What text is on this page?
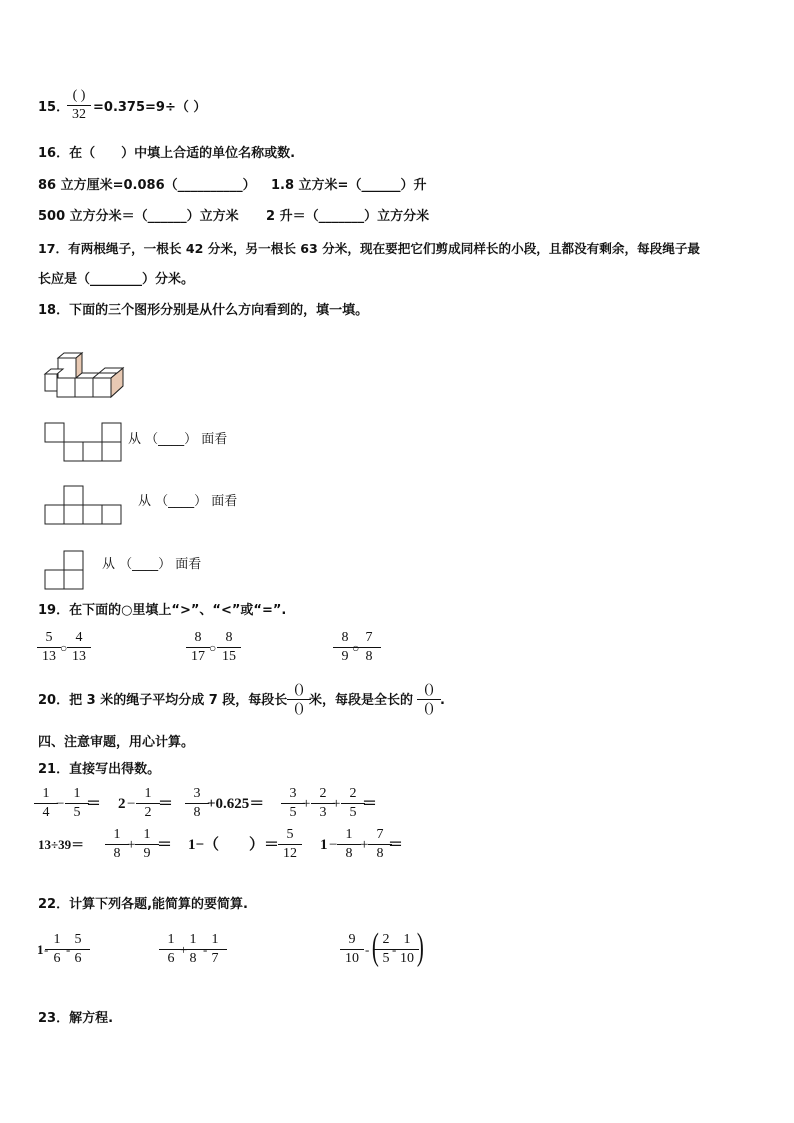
15．
( )
32 =0.375=9÷（ ）
16．在（　　）中填上合适的单位名称或数.
86 立方厘米=0.086（__________） 1.8 立方米=（______）升
500 立方分米＝（______）立方米 2 升＝（_______）立方分米
17．有两根绳子，一根长 42 分米，另一根长 63 分米，现在要把它们剪成同样长的小段，且都没有剩余，每段绳子最
长应是（________）分米。
18．下面的三个图形分别是从什么方向看到的，填一填。
从 （____） 面看
从 （____） 面看
从 （____） 面看
19．在下面的○里填上“>”、“<”或“=”.
5
13
○
4
13
8
17
○
8
15
8
9
○
7
8
20．把 3 米的绳子平均分成 7 段，每段长
()
()
米，每段是全长的
()
()
.
四、注意审题，用心计算。
21．直接写出得数。
1
4
−
1
5
＝ 2 −
1
2
＝
3
8
+0.625＝
3
5
+
2
3
+
2
5
＝
13÷39＝
1
8
+
1
9
＝ 1−（　　）＝
5
12
1 −
1
8
+
7
8
＝
22．计算下列各题,能简算的要简算.
1 -
1
6
-
5
6
1
6
+
1
8
-
1
7
9
10
- ( 2
5
-
1
10 )
23．解方程.
